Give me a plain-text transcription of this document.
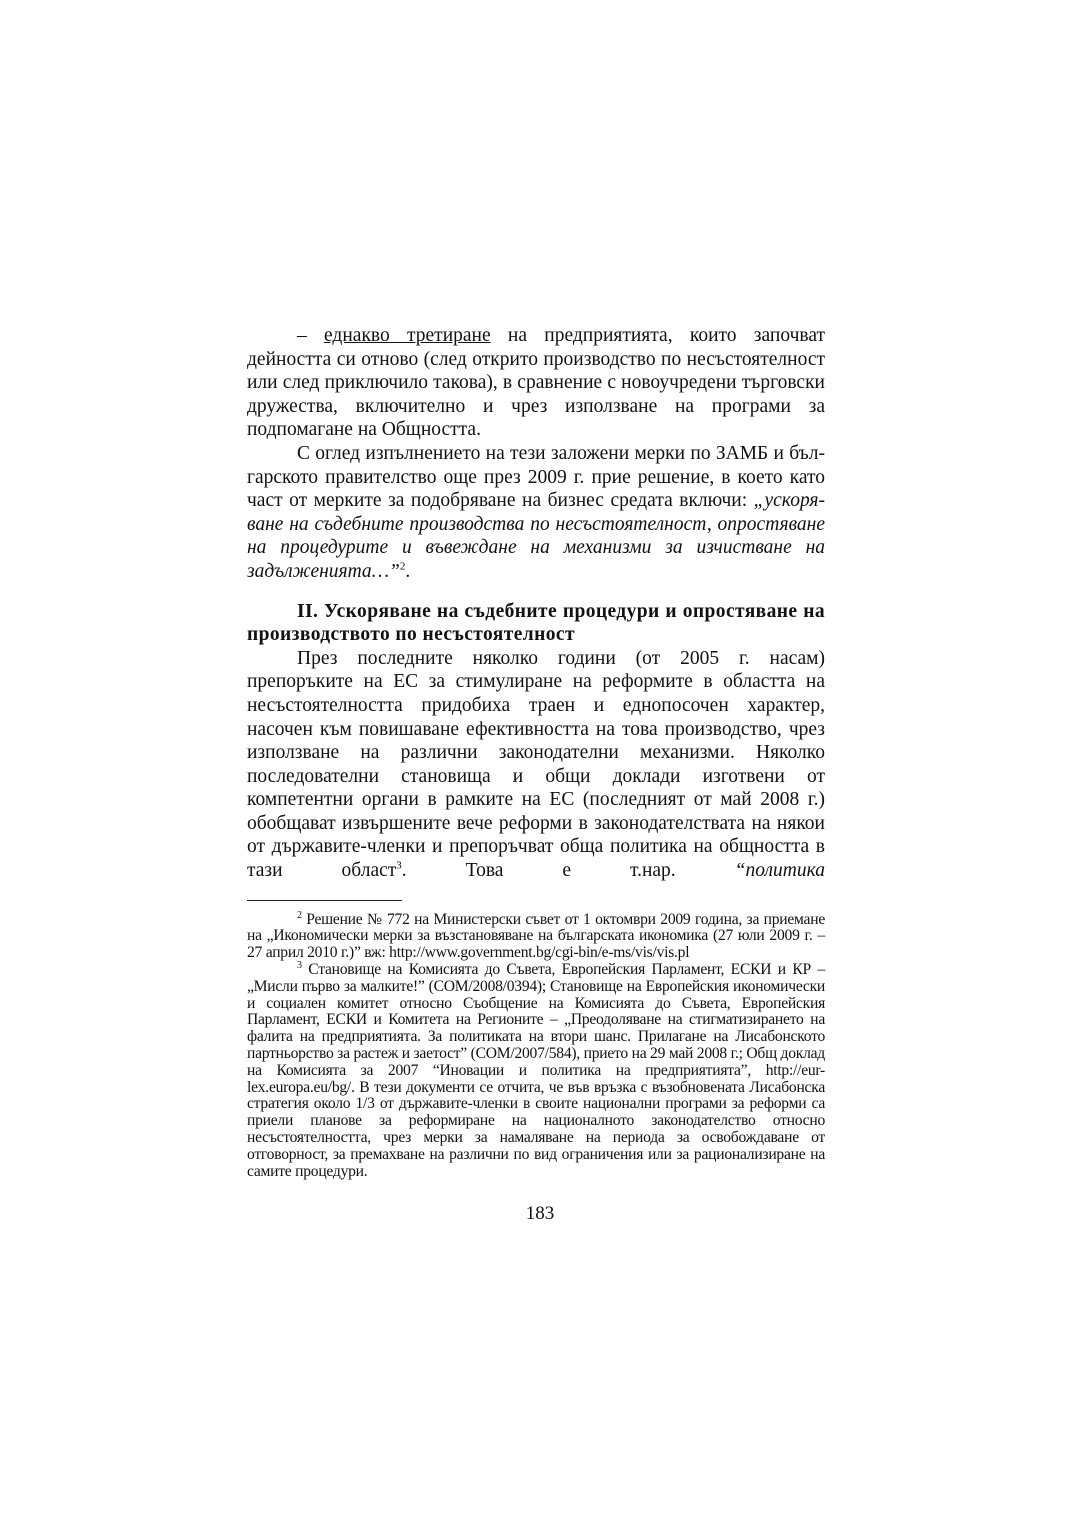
– еднакво третиране на предприятията, които започват дейността си отново (след открито производство по несъстоятелност или след приключило такова), в сравнение с новоучредени търговски дружества, включително и чрез използване на програми за подпомагане на Общността.

С оглед изпълнението на тези заложени мерки по ЗАМБ и българското правителство още през 2009 г. прие решение, в което като част от мерките за подобряване на бизнес средата включи: „ускоряване на съдебните производства по несъстоятелност, опростяване на процедурите и въвеждане на механизми за изчистване на задълженията…”$^2$.

II. Ускоряване на съдебните процедури и опростяване на производството по несъстоятелност

През последните няколко години (от 2005 г. насам) препоръките на ЕС за стимулиране на реформите в областта на несъстоятелността придобиха траен и еднопосочен характер, насочен към повишаване ефективността на това производство, чрез използване на различни законодателни механизми. Няколко последователни становища и общи доклади изготвени от компетентни органи в рамките на ЕС (последният от май 2008 г.) обобщават извършените вече реформи в законодателствата на някои от държавите-членки и препоръчват обща политика на общността в тази област$^3$. Това е т.нар. “политика

$^2$ Решение № 772 на Министерски съвет от 1 октомври 2009 година, за приемане на „Икономически мерки за възстановяване на българската икономика (27 юли 2009 г. – 27 април 2010 г.)” вж: http://www.government.bg/cgi-bin/e-ms/vis/vis.pl

$^3$ Становище на Комисията до Съвета, Европейския Парламент, ЕСКИ и КР – „Мисли първо за малките!” (COM/2008/0394); Становище на Европейския икономически и социален комитет относно Съобщение на Комисията до Съвета, Европейския Парламент, ЕСКИ и Комитета на Регионите – „Преодоляване на стигматизирането на фалита на предприятията. За политиката на втори шанс. Прилагане на Лисабонското партньорство за растеж и заетост” (COM/2007/584), прието на 29 май 2008 г.; Общ доклад на Комисията за 2007 “Иновации и политика на предприятията”, http://eur-lex.europa.eu/bg/. В тези документи се отчита, че във връзка с възобновената Лисабонска стратегия около 1/3 от държавите-членки в своите национални програми за реформи са приели планове за реформиране на националното законодателство относно несъстоятелността, чрез мерки за намаляване на периода за освобождаване от отговорност, за премахване на различни по вид ограничения или за рационализиране на самите процедури.

183
